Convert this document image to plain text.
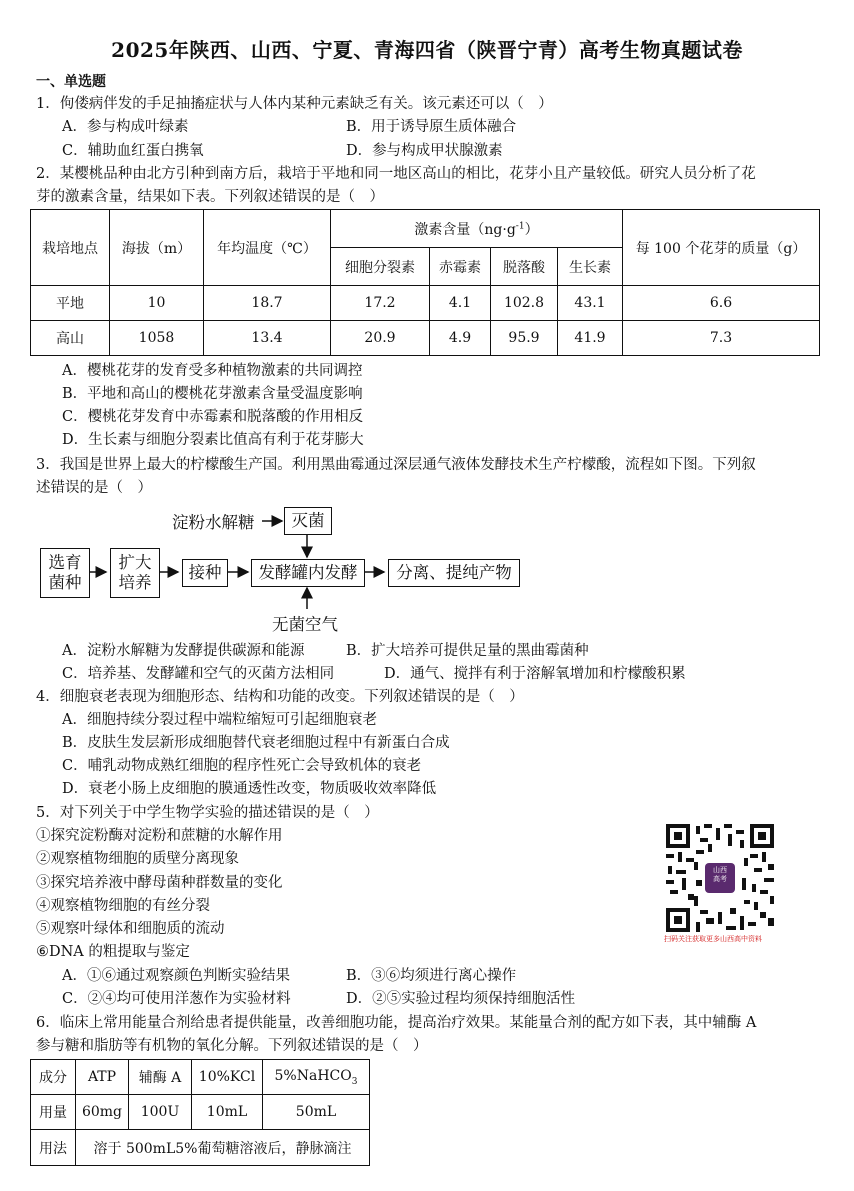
2025年陕西、山西、宁夏、青海四省（陕晋宁青）高考生物真题试卷
一、单选题
1．佝偻病伴发的手足抽搐症状与人体内某种元素缺乏有关。该元素还可以（　）
A．参与构成叶绿素	B．用于诱导原生质体融合
C．辅助血红蛋白携氧	D．参与构成甲状腺激素
2．某樱桃品种由北方引种到南方后，栽培于平地和同一地区高山的相比，花芽小且产量较低。研究人员分析了花
芽的激素含量，结果如下表。下列叙述错误的是（　）
栽培地点	海拔（m）	年均温度（℃）	激素含量$(ng\cdot g^{-1})$				每 100 个花芽的质量（g）
			细胞分裂素	赤霉素	脱落酸	生长素	
平地	10	18.7	17.2	4.1	102.8	43.1	6.6
高山	1058	13.4	20.9	4.9	95.9	41.9	7.3
A．樱桃花芽的发育受多种植物激素的共同调控
B．平地和高山的樱桃花芽激素含量受温度影响
C．樱桃花芽发育中赤霉素和脱落酸的作用相反
D．生长素与细胞分裂素比值高有利于花芽膨大
3．我国是世界上最大的柠檬酸生产国。利用黑曲霉通过深层通气液体发酵技术生产柠檬酸，流程如下图。下列叙
述错误的是（　）
淀粉水解糖	灭菌
选育
菌种
扩大
培养
接种	发酵罐内发酵	分离、提纯产物
无菌空气
A．淀粉水解糖为发酵提供碳源和能源	B．扩大培养可提供足量的黑曲霉菌种
C．培养基、发酵罐和空气的灭菌方法相同	D．通气、搅拌有利于溶解氧增加和柠檬酸积累
4．细胞衰老表现为细胞形态、结构和功能的改变。下列叙述错误的是（　）
A．细胞持续分裂过程中端粒缩短可引起细胞衰老
B．皮肤生发层新形成细胞替代衰老细胞过程中有新蛋白合成
C．哺乳动物成熟红细胞的程序性死亡会导致机体的衰老
D．衰老小肠上皮细胞的膜通透性改变，物质吸收效率降低
5．对下列关于中学生物学实验的描述错误的是（　）
①探究淀粉酶对淀粉和蔗糖的水解作用
②观察植物细胞的质壁分离现象
③探究培养液中酵母菌种群数量的变化
④观察植物细胞的有丝分裂
⑤观察叶绿体和细胞质的流动
⑥DNA 的粗提取与鉴定
A．①⑥通过观察颜色判断实验结果	B．③⑥均须进行离心操作
C．②④均可使用洋葱作为实验材料	D．②⑤实验过程均须保持细胞活性
山西
高考
扫码关注获取更多山西高中资料
6．临床上常用能量合剂给患者提供能量，改善细胞功能，提高治疗效果。某能量合剂的配方如下表，其中辅酶 A
参与糖和脂肪等有机物的氧化分解。下列叙述错误的是（　）
成分	ATP	辅酶 A	10%KCl	5%NaHCO$_3$
用量	60mg	100U	10mL	50mL
用法	溶于 500mL5%葡萄糖溶液后，静脉滴注			
